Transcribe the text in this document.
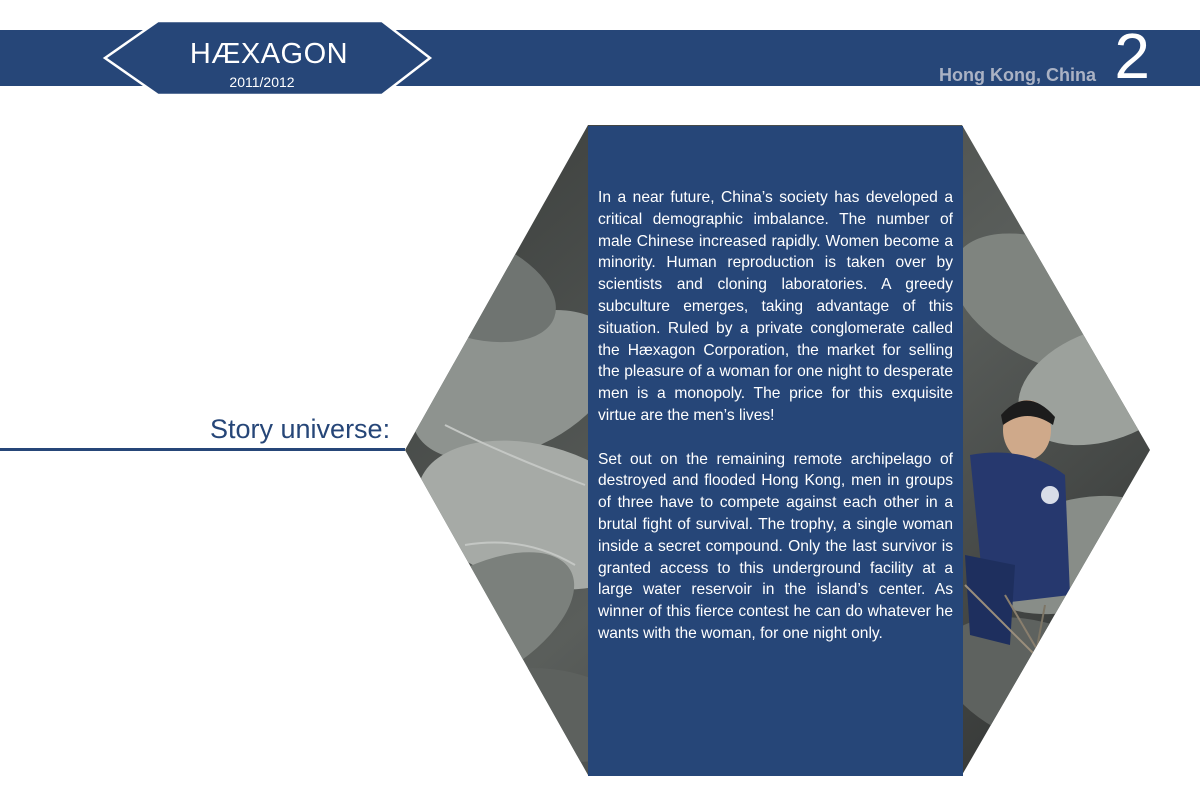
HÆXAGON
2011/2012	Hong Kong, China 2
Story universe:

In a near future, China’s society has developed a critical demographic imbalance. The number of male Chinese increased rapidly. Women become a minority. Human reproduction is taken over by scientists and cloning laboratories. A greedy subculture emerges, taking advantage of this situation. Ruled by a private conglomerate called the Hæxagon Corporation, the market for selling the pleasure of a woman for one night to desperate men is a monopoly. The price for this exquisite virtue are the men’s lives!

Set out on the remaining remote archipelago of destroyed and flooded Hong Kong, men in groups of three have to compete against each other in a brutal fight of survival. The trophy, a single woman inside a secret compound. Only the last survivor is granted access to this underground facility at a large water reservoir in the island’s center. As winner of this fierce contest he can do whatever he wants with the woman, for one night only.
